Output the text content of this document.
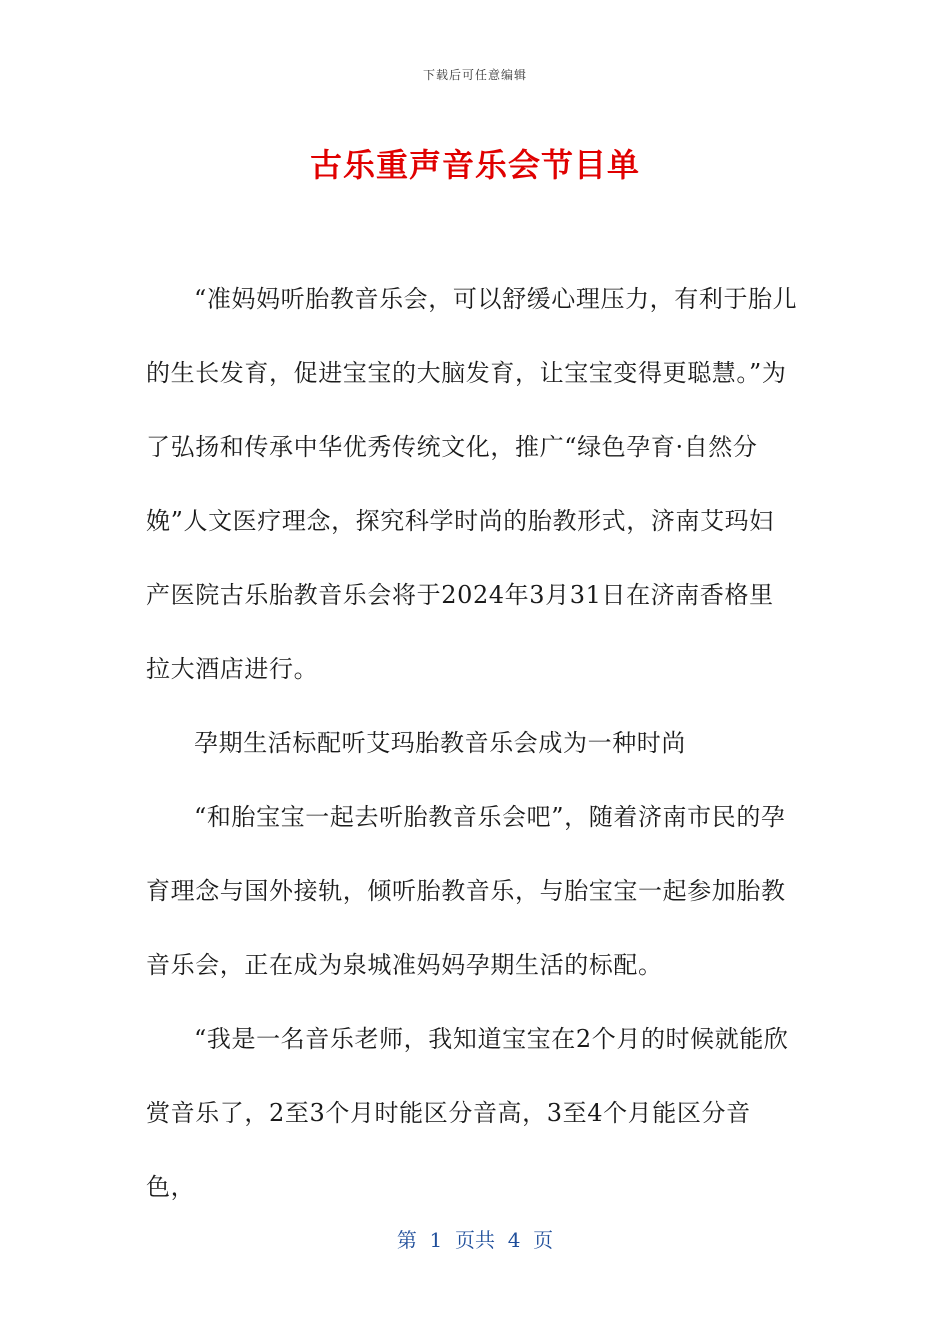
下载后可任意编辑
古乐重声音乐会节目单

“准妈妈听胎教音乐会，可以舒缓心理压力，有利于胎儿的生长发育，促进宝宝的大脑发育，让宝宝变得更聪慧。”为了弘扬和传承中华优秀传统文化，推广“绿色孕育·自然分娩”人文医疗理念，探究科学时尚的胎教形式，济南艾玛妇产医院古乐胎教音乐会将于2024年3月31日在济南香格里拉大酒店进行。

孕期生活标配听艾玛胎教音乐会成为一种时尚

“和胎宝宝一起去听胎教音乐会吧”，随着济南市民的孕育理念与国外接轨，倾听胎教音乐，与胎宝宝一起参加胎教音乐会，正在成为泉城准妈妈孕期生活的标配。

“我是一名音乐老师，我知道宝宝在2个月的时候就能欣赏音乐了，2至3个月时能区分音高，3至4个月能区分音色，

第  1  页共  4  页
